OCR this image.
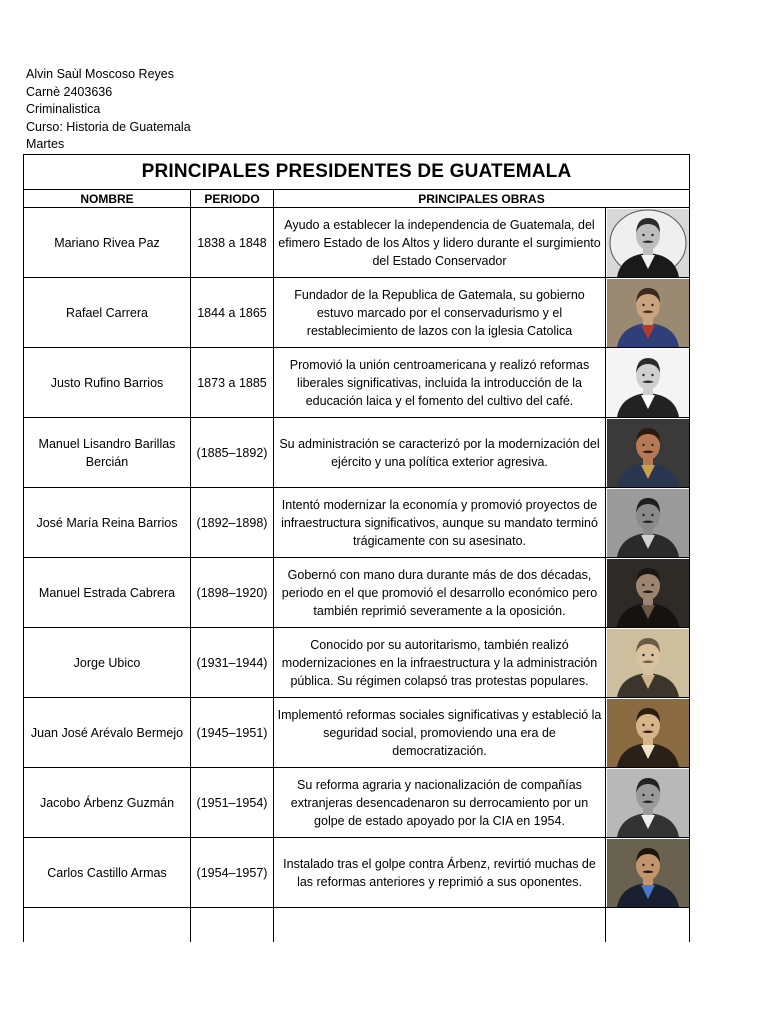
Alvin Saùl Moscoso Reyes
Carnè 2403636
Criminalistica
Curso: Historia de Guatemala
Martes
PRINCIPALES PRESIDENTES DE GUATEMALA			
NOMBRE	PERIODO	PRINCIPALES OBRAS	
Mariano Rivea Paz	1838 a 1848	Ayudo a establecer la independencia de Guatemala, del efimero Estado de los Altos y lidero durante el surgimiento del Estado Conservador	

Rafael Carrera	1844 a 1865	Fundador de la Republica de Gatemala, su gobierno estuvo marcado por el conservadurismo y el restablecimiento de lazos con la iglesia Catolica	

Justo Rufino Barrios	1873 a 1885	Promovió la unión centroamericana y realizó reformas liberales significativas, incluida la introducción de la educación laica y el fomento del cultivo del café.	

Manuel Lisandro Barillas Bercián	(1885–1892)	Su administración se caracterizó por la modernización del ejército y una política exterior agresiva.	

José María Reina Barrios	(1892–1898)	Intentó modernizar la economía y promovió proyectos de infraestructura significativos, aunque su mandato terminó trágicamente con su asesinato.	

Manuel Estrada Cabrera	(1898–1920)	Gobernó con mano dura durante más de dos décadas, periodo en el que promovió el desarrollo económico pero también reprimió severamente a la oposición.	

Jorge Ubico	(1931–1944)	Conocido por su autoritarismo, también realizó modernizaciones en la infraestructura y la administración pública. Su régimen colapsó tras protestas populares.	

Juan José Arévalo Bermejo	(1945–1951)	Implementó reformas sociales significativas y estableció la seguridad social, promoviendo una era de democratización.	

Jacobo Árbenz Guzmán	(1951–1954)	Su reforma agraria y nacionalización de compañías extranjeras desencadenaron su derrocamiento por un golpe de estado apoyado por la CIA en 1954.	

Carlos Castillo Armas	(1954–1957)	Instalado tras el golpe contra Árbenz, revirtió muchas de las reformas anteriores y reprimió a sus oponentes.	
